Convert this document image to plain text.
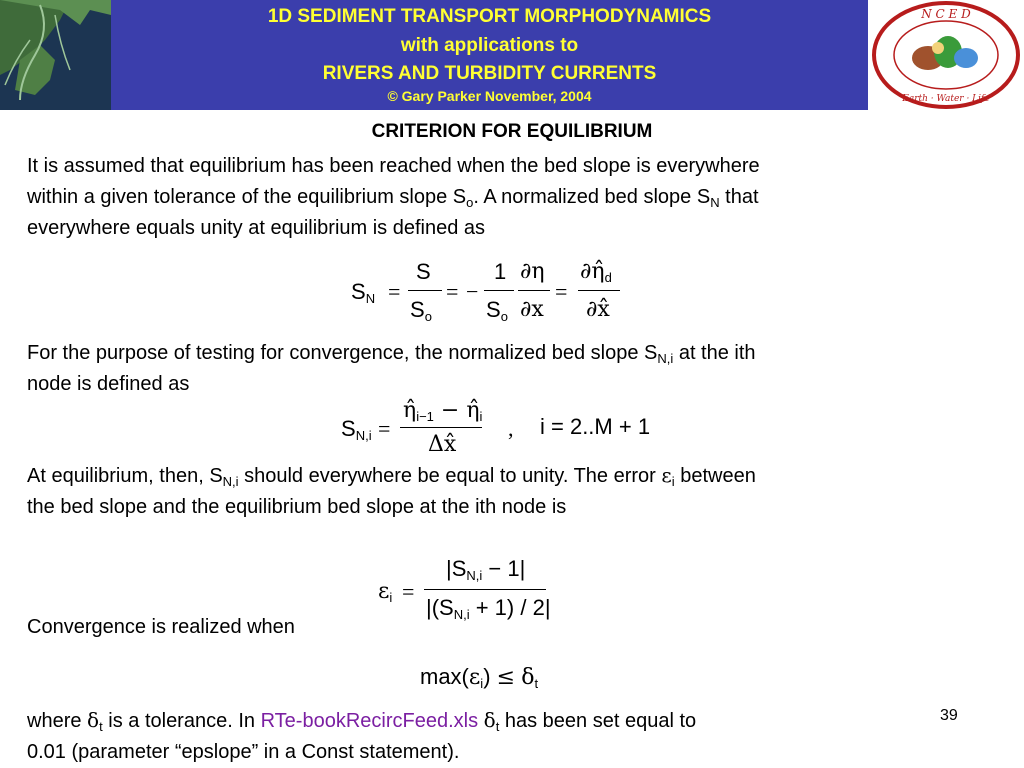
1D SEDIMENT TRANSPORT MORPHODYNAMICS
with applications to
RIVERS AND TURBIDITY CURRENTS
© Gary Parker November, 2004
N C E D
Earth · Water · Life
CRITERION FOR EQUILIBRIUM
It is assumed that equilibrium has been reached when the bed slope is everywhere
within a given tolerance of the equilibrium slope $S_o$. A normalized bed slope $S_N$ that
everywhere equals unity at equilibrium is defined as
$S_N$ =
S
$S_o$
= −
1
$S_o$
∂η
∂x
=
$\partial\etâ_d$
∂x̂
For the purpose of testing for convergence, the normalized bed slope $S_{N,i}$ at the ith
node is defined as
$S_{N,i}$ =
$\etâ_{i-1}$ − $\etâ_i$
Δx̂
, i = 2..M + 1
At equilibrium, then, $S_{N,i}$ should everywhere be equal to unity. The error $\varepsilon_i$ between
the bed slope and the equilibrium bed slope at the ith node is
$\varepsilon_i$ =
$|S_{N,i} - 1|$
$|(S_{N,i} + 1) / 2|$
Convergence is realized when
$\max(\varepsilon_i) \le \delta_t$
where $\delta_t$ is a tolerance. In RTe-bookRecircFeed.xls $\delta_t$ has been set equal to
0.01 (parameter “epslope” in a Const statement).
39
